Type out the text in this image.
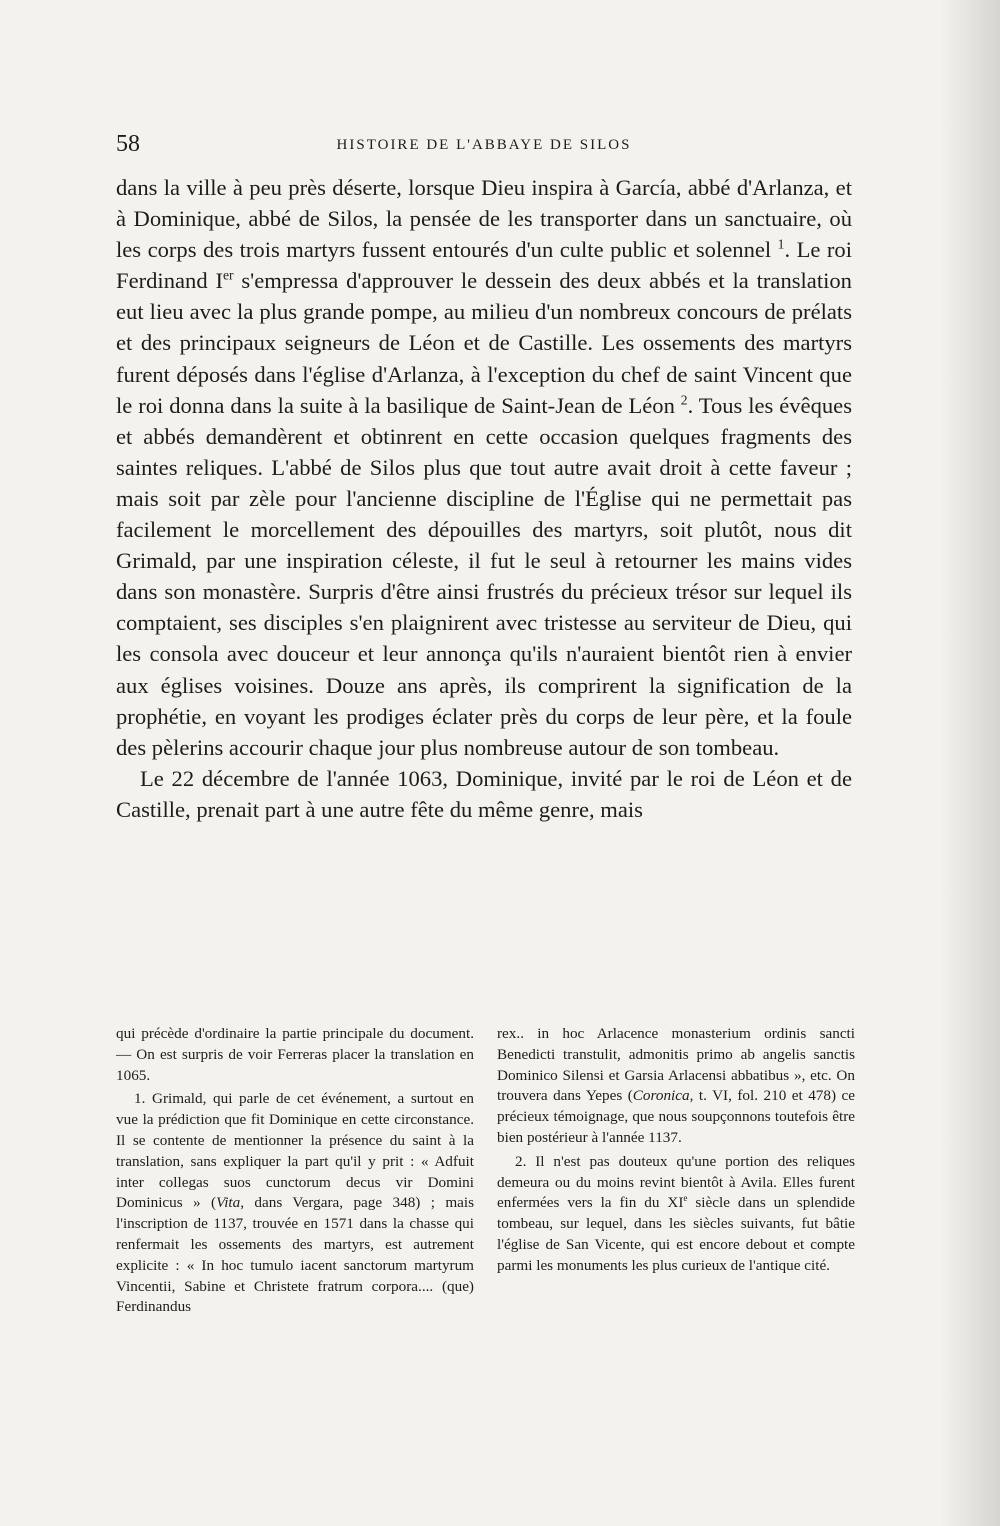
58	HISTOIRE DE L'ABBAYE DE SILOS

dans la ville à peu près déserte, lorsque Dieu inspira à García, abbé d'Arlanza, et à Dominique, abbé de Silos, la pensée de les transporter dans un sanctuaire, où les corps des trois martyrs fussent entourés d'un culte public et solennel $^1$. Le roi Ferdinand Ier s'empressa d'approuver le dessein des deux abbés et la translation eut lieu avec la plus grande pompe, au milieu d'un nombreux concours de prélats et des principaux seigneurs de Léon et de Castille. Les ossements des martyrs furent déposés dans l'église d'Arlanza, à l'exception du chef de saint Vincent que le roi donna dans la suite à la basilique de Saint-Jean de Léon $^2$. Tous les évêques et abbés demandèrent et obtinrent en cette occasion quelques fragments des saintes reliques. L'abbé de Silos plus que tout autre avait droit à cette faveur ; mais soit par zèle pour l'ancienne discipline de l'Église qui ne permettait pas facilement le morcellement des dépouilles des martyrs, soit plutôt, nous dit Grimald, par une inspiration céleste, il fut le seul à retourner les mains vides dans son monastère. Surpris d'être ainsi frustrés du précieux trésor sur lequel ils comptaient, ses disciples s'en plaignirent avec tristesse au serviteur de Dieu, qui les consola avec douceur et leur annonça qu'ils n'auraient bientôt rien à envier aux églises voisines. Douze ans après, ils comprirent la signification de la prophétie, en voyant les prodiges éclater près du corps de leur père, et la foule des pèlerins accourir chaque jour plus nombreuse autour de son tombeau.

Le 22 décembre de l'année 1063, Dominique, invité par le roi de Léon et de Castille, prenait part à une autre fête du même genre, mais

qui précède d'ordinaire la partie principale du document. — On est surpris de voir Ferreras placer la translation en 1065.

1. Grimald, qui parle de cet événement, a surtout en vue la prédiction que fit Dominique en cette circonstance. Il se contente de mentionner la présence du saint à la translation, sans expliquer la part qu'il y prit : « Adfuit inter collegas suos cunctorum decus vir Domini Dominicus » (Vita, dans Vergara, page 348) ; mais l'inscription de 1137, trouvée en 1571 dans la chasse qui renfermait les ossements des martyrs, est autrement explicite : « In hoc tumulo iacent sanctorum martyrum Vincentii, Sabine et Christete fratrum corpora.... (que) Ferdinandus

rex.. in hoc Arlacence monasterium ordinis sancti Benedicti transtulit, admonitis primo ab angelis sanctis Dominico Silensi et Garsia Arlacensi abbatibus », etc. On trouvera dans Yepes (Coronica, t. VI, fol. 210 et 478) ce précieux témoignage, que nous soupçonnons toutefois être bien postérieur à l'année 1137.

2. Il n'est pas douteux qu'une portion des reliques demeura ou du moins revint bientôt à Avila. Elles furent enfermées vers la fin du XIe siècle dans un splendide tombeau, sur lequel, dans les siècles suivants, fut bâtie l'église de San Vicente, qui est encore debout et compte parmi les monuments les plus curieux de l'antique cité.
